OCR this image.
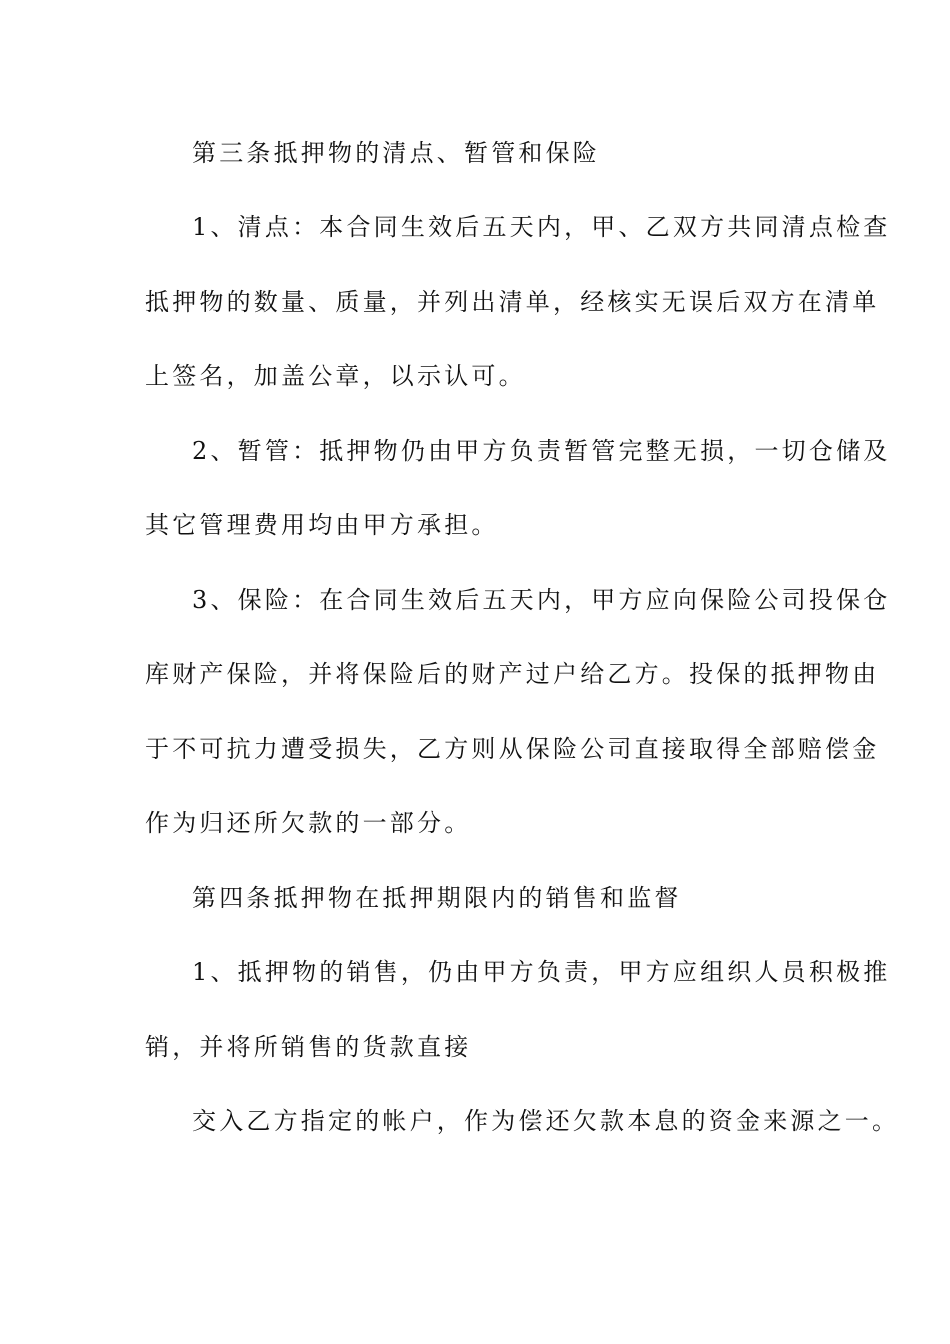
第三条抵押物的清点、暂管和保险
1、清点：本合同生效后五天内，甲、乙双方共同清点检查
抵押物的数量、质量，并列出清单，经核实无误后双方在清单
上签名，加盖公章，以示认可。
2、暂管：抵押物仍由甲方负责暂管完整无损，一切仓储及
其它管理费用均由甲方承担。
3、保险：在合同生效后五天内，甲方应向保险公司投保仓
库财产保险，并将保险后的财产过户给乙方。投保的抵押物由
于不可抗力遭受损失，乙方则从保险公司直接取得全部赔偿金
作为归还所欠款的一部分。
第四条抵押物在抵押期限内的销售和监督
1、抵押物的销售，仍由甲方负责，甲方应组织人员积极推
销，并将所销售的货款直接
交入乙方指定的帐户，作为偿还欠款本息的资金来源之一。
